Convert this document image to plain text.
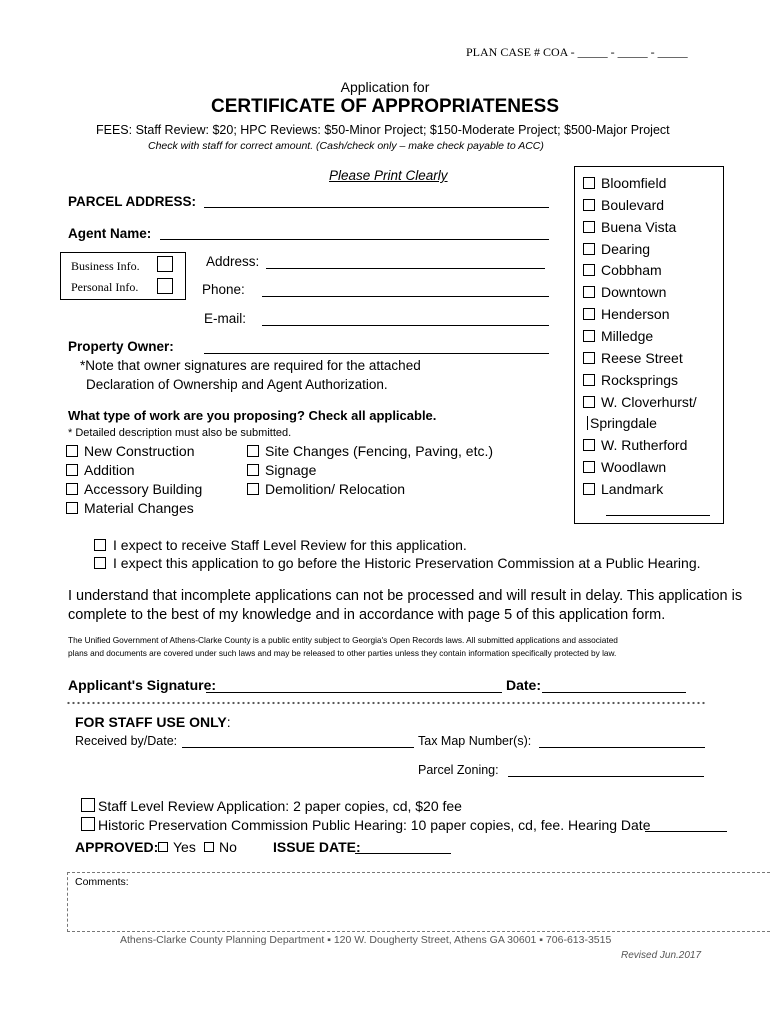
PLAN CASE # COA - _____ - _____ - _____
Application for
CERTIFICATE OF APPROPRIATENESS
FEES: Staff Review: $20; HPC Reviews: $50-Minor Project; $150-Moderate Project; $500-Major Project
Check with staff for correct amount. (Cash/check only – make check payable to ACC)
Please Print Clearly
PARCEL ADDRESS:
Agent Name:
Business Info.
Personal Info.
Address:
Phone:
E-mail:
Property Owner:
*Note that owner signatures are required for the attached
Declaration of Ownership and Agent Authorization.
Bloomfield
Boulevard
Buena Vista
Dearing
Cobbham
Downtown
Henderson
Milledge
Reese Street
Rocksprings
W. Cloverhurst/
Springdale
W. Rutherford
Woodlawn
Landmark
What type of work are you proposing? Check all applicable.
* Detailed description must also be submitted.
New Construction
Addition
Accessory Building
Material Changes
Site Changes (Fencing, Paving, etc.)
Signage
Demolition/ Relocation
I expect to receive Staff Level Review for this application.
I expect this application to go before the Historic Preservation Commission at a Public Hearing.
I understand that incomplete applications can not be processed and will result in delay. This application is
complete to the best of my knowledge and in accordance with page 5 of this application form.
The Unified Government of Athens-Clarke County is a public entity subject to Georgia's Open Records laws. All submitted applications and associated
plans and documents are covered under such laws and may be released to other parties unless they contain information specifically protected by law.
Applicant's Signature:	Date:
FOR STAFF USE ONLY:
Received by/Date:	Tax Map Number(s):
Parcel Zoning:
Staff Level Review Application: 2 paper copies, cd, $20 fee
Historic Preservation Commission Public Hearing: 10 paper copies, cd, fee. Hearing Date
APPROVED:	Yes	No	ISSUE DATE:
Comments:
Athens-Clarke County Planning Department ▪ 120 W. Dougherty Street, Athens GA 30601 ▪ 706-613-3515
Revised Jun.2017
